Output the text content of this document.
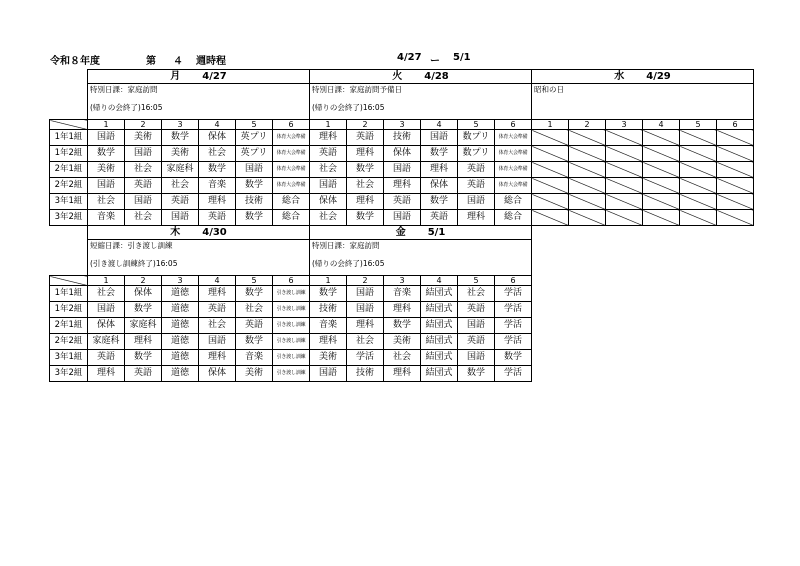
令和８年度	第 ４ 週時程	4/27 ー 5/1
	月 4/27						火 4/28						水 4/29					

	特別日課：家庭訪問
(帰りの会終了)16:05						特別日課：家庭訪問予備日
(帰りの会終了)16:05						昭和の日					

	1	2	3	4	5	6	1	2	3	4	5	6	1	2	3	4	5	6
1年1組	国語	美術	数学	保体	英プリ	体育大会準備	理科	英語	技術	国語	数プリ	体育大会準備						
1年2組	数学	国語	美術	社会	英プリ	体育大会準備	英語	理科	保体	数学	数プリ	体育大会準備						
2年1組	美術	社会	家庭科	数学	国語	体育大会準備	社会	数学	国語	理科	英語	体育大会準備						
2年2組	国語	英語	社会	音楽	数学	体育大会準備	国語	社会	理科	保体	英語	体育大会準備						
3年1組	社会	国語	英語	理科	技術	総合	保体	理科	英語	数学	国語	総合						
3年2組	音楽	社会	国語	英語	数学	総合	社会	数学	国語	英語	理科	総合						
	木 4/30						金 5/1											

	短縮日課：引き渡し訓練
(引き渡し訓練終了)16:05						特別日課：家庭訪問
(帰りの会終了)16:05											

	1	2	3	4	5	6	1	2	3	4	5	6						
1年1組	社会	保体	道徳	理科	数学	引き渡し訓練	数学	国語	音楽	結団式	社会	学活						
1年2組	国語	数学	道徳	英語	社会	引き渡し訓練	技術	国語	理科	結団式	英語	学活						
2年1組	保体	家庭科	道徳	社会	英語	引き渡し訓練	音楽	理科	数学	結団式	国語	学活						
2年2組	家庭科	理科	道徳	国語	数学	引き渡し訓練	理科	社会	美術	結団式	英語	学活						
3年1組	英語	数学	道徳	理科	音楽	引き渡し訓練	美術	学活	社会	結団式	国語	数学						
3年2組	理科	英語	道徳	保体	美術	引き渡し訓練	国語	技術	理科	結団式	数学	学活						
